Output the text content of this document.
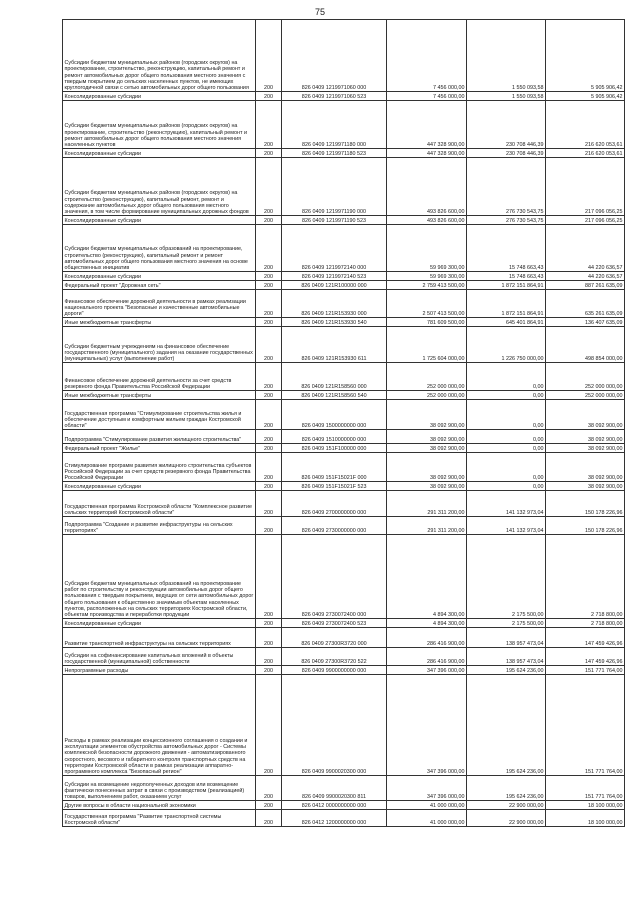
75
Субсидии бюджетам муниципальных районов (городских округов) на проектирование, строительство, реконструкцию, капитальный ремонт и ремонт автомобильных дорог общего пользования местного значения с твердым покрытием до сельских населенных пунктов, не имеющих круглогодичной связи с сетью автомобильных дорог общего пользования	200	826 0409 1219971060 000	7 456 000,00	1 550 093,58	5 905 906,42
Консолидированные субсидии	200	826 0409 1219971060 523	7 456 000,00	1 550 093,58	5 905 906,42
Субсидии бюджетам муниципальных районов (городских округов) на проектирование, строительство (реконструкцию), капитальный ремонт и ремонт автомобильных дорог общего пользования местного значения населенных пунктов	200	826 0409 1219971180 000	447 328 900,00	230 708 446,39	216 620 053,61
Консолидированные субсидии	200	826 0409 1219971180 523	447 328 900,00	230 708 446,39	216 620 053,61
Субсидии бюджетам муниципальных районов (городских округов) на строительство (реконструкцию), капитальный ремонт, ремонт и содержание автомобильных дорог общего пользования местного значения, в том числе формирование муниципальных дорожных фондов	200	826 0409 1219971190 000	493 826 600,00	276 730 543,75	217 096 056,25
Консолидированные субсидии	200	826 0409 1219971190 523	493 826 600,00	276 730 543,75	217 096 056,25
Субсидии бюджетам муниципальных образований на проектирование, строительство (реконструкцию), капитальный ремонт и ремонт автомобильных дорог общего пользования местного значения на основе общественных инициатив	200	826 0409 1219972140 000	59 969 300,00	15 748 663,43	44 220 636,57
Консолидированные субсидии	200	826 0409 1219972140 523	59 969 300,00	15 748 663,43	44 220 636,57
Федеральный проект "Дорожная сеть"	200	826 0409 121R100000 000	2 759 413 500,00	1 872 151 864,91	887 261 635,09
Финансовое обеспечение дорожной деятельности в рамках реализации национального проекта "Безопасные и качественные автомобильные дороги"	200	826 0409 121R153930 000	2 507 413 500,00	1 872 151 864,91	635 261 635,09
Иные межбюджетные трансферты	200	826 0409 121R153930 540	781 609 500,00	645 401 864,91	136 407 635,09
Субсидии бюджетным учреждениям на финансовое обеспечение государственного (муниципального) задания на оказание государственных (муниципальных) услуг (выполнение работ)	200	826 0409 121R153930 611	1 725 604 000,00	1 226 750 000,00	498 854 000,00
Финансовое обеспечение дорожной деятельности за счет средств резервного фонда Правительства Российской Федерации	200	826 0409 121R158560 000	252 000 000,00	0,00	252 000 000,00
Иные межбюджетные трансферты	200	826 0409 121R158560 540	252 000 000,00	0,00	252 000 000,00
Государственная программа "Стимулирование строительства жилья и обеспечение доступным и комфортным жильем граждан Костромской области"	200	826 0409 1500000000 000	38 092 900,00	0,00	38 092 900,00
Подпрограмма "Стимулирование развития жилищного строительства"	200	826 0409 1510000000 000	38 092 900,00	0,00	38 092 900,00
Федеральный проект "Жилье"	200	826 0409 151F100000 000	38 092 900,00	0,00	38 092 900,00
Стимулирование программ развития жилищного строительства субъектов Российской Федерации за счет средств резервного фонда Правительства Российской Федерации	200	826 0409 151F15021F 000	38 092 900,00	0,00	38 092 900,00
Консолидированные субсидии	200	826 0409 151F15021F 523	38 092 900,00	0,00	38 092 900,00
Государственная программа Костромской области "Комплексное развитие сельских территорий Костромской области"	200	826 0409 2700000000 000	291 311 200,00	141 132 973,04	150 178 226,96
Подпрограмма "Создание и развитие инфраструктуры на сельских территориях"	200	826 0409 2730000000 000	291 311 200,00	141 132 973,04	150 178 226,96
Субсидии бюджетам муниципальных образований на проектирование работ по строительству и реконструкции автомобильных дорог общего пользования с твердым покрытием, ведущих от сети автомобильных дорог общего пользования к общественно значимым объектам населенных пунктов, расположенных на сельских территориях Костромской области, объектам производства и переработки продукции	200	826 0409 2730072400 000	4 894 300,00	2 175 500,00	2 718 800,00
Консолидированные субсидии	200	826 0409 2730072400 523	4 894 300,00	2 175 500,00	2 718 800,00
Развитие транспортной инфраструктуры на сельских территориях	200	826 0409 27300R3720 000	286 416 900,00	138 957 473,04	147 459 426,96
Субсидии на софинансирование капитальных вложений в объекты государственной (муниципальной) собственности	200	826 0409 27300R3720 522	286 416 900,00	138 957 473,04	147 459 426,96
Непрограммные расходы	200	826 0409 9900000000 000	347 396 000,00	195 624 236,00	151 771 764,00
Расходы в рамках реализации концессионного соглашения о создании и эксплуатации элементов обустройства автомобильных дорог - Системы комплексной безопасности дорожного движения - автоматизированного скоростного, весового и габаритного контроля транспортных средств на территории Костромской области в рамках реализации аппаратно-программного комплекса "Безопасный регион"	200	826 0409 9900020300 000	347 396 000,00	195 624 236,00	151 771 764,00
Субсидии на возмещение недополученных доходов или возмещение фактически понесенных затрат в связи с производством (реализацией) товаров, выполнением работ, оказанием услуг	200	826 0409 9900020300 811	347 396 000,00	195 624 236,00	151 771 764,00
Другие вопросы в области национальной экономики	200	826 0412 0000000000 000	41 000 000,00	22 900 000,00	18 100 000,00
Государственная программа "Развитие транспортной системы Костромской области"	200	826 0412 1200000000 000	41 000 000,00	22 900 000,00	18 100 000,00
